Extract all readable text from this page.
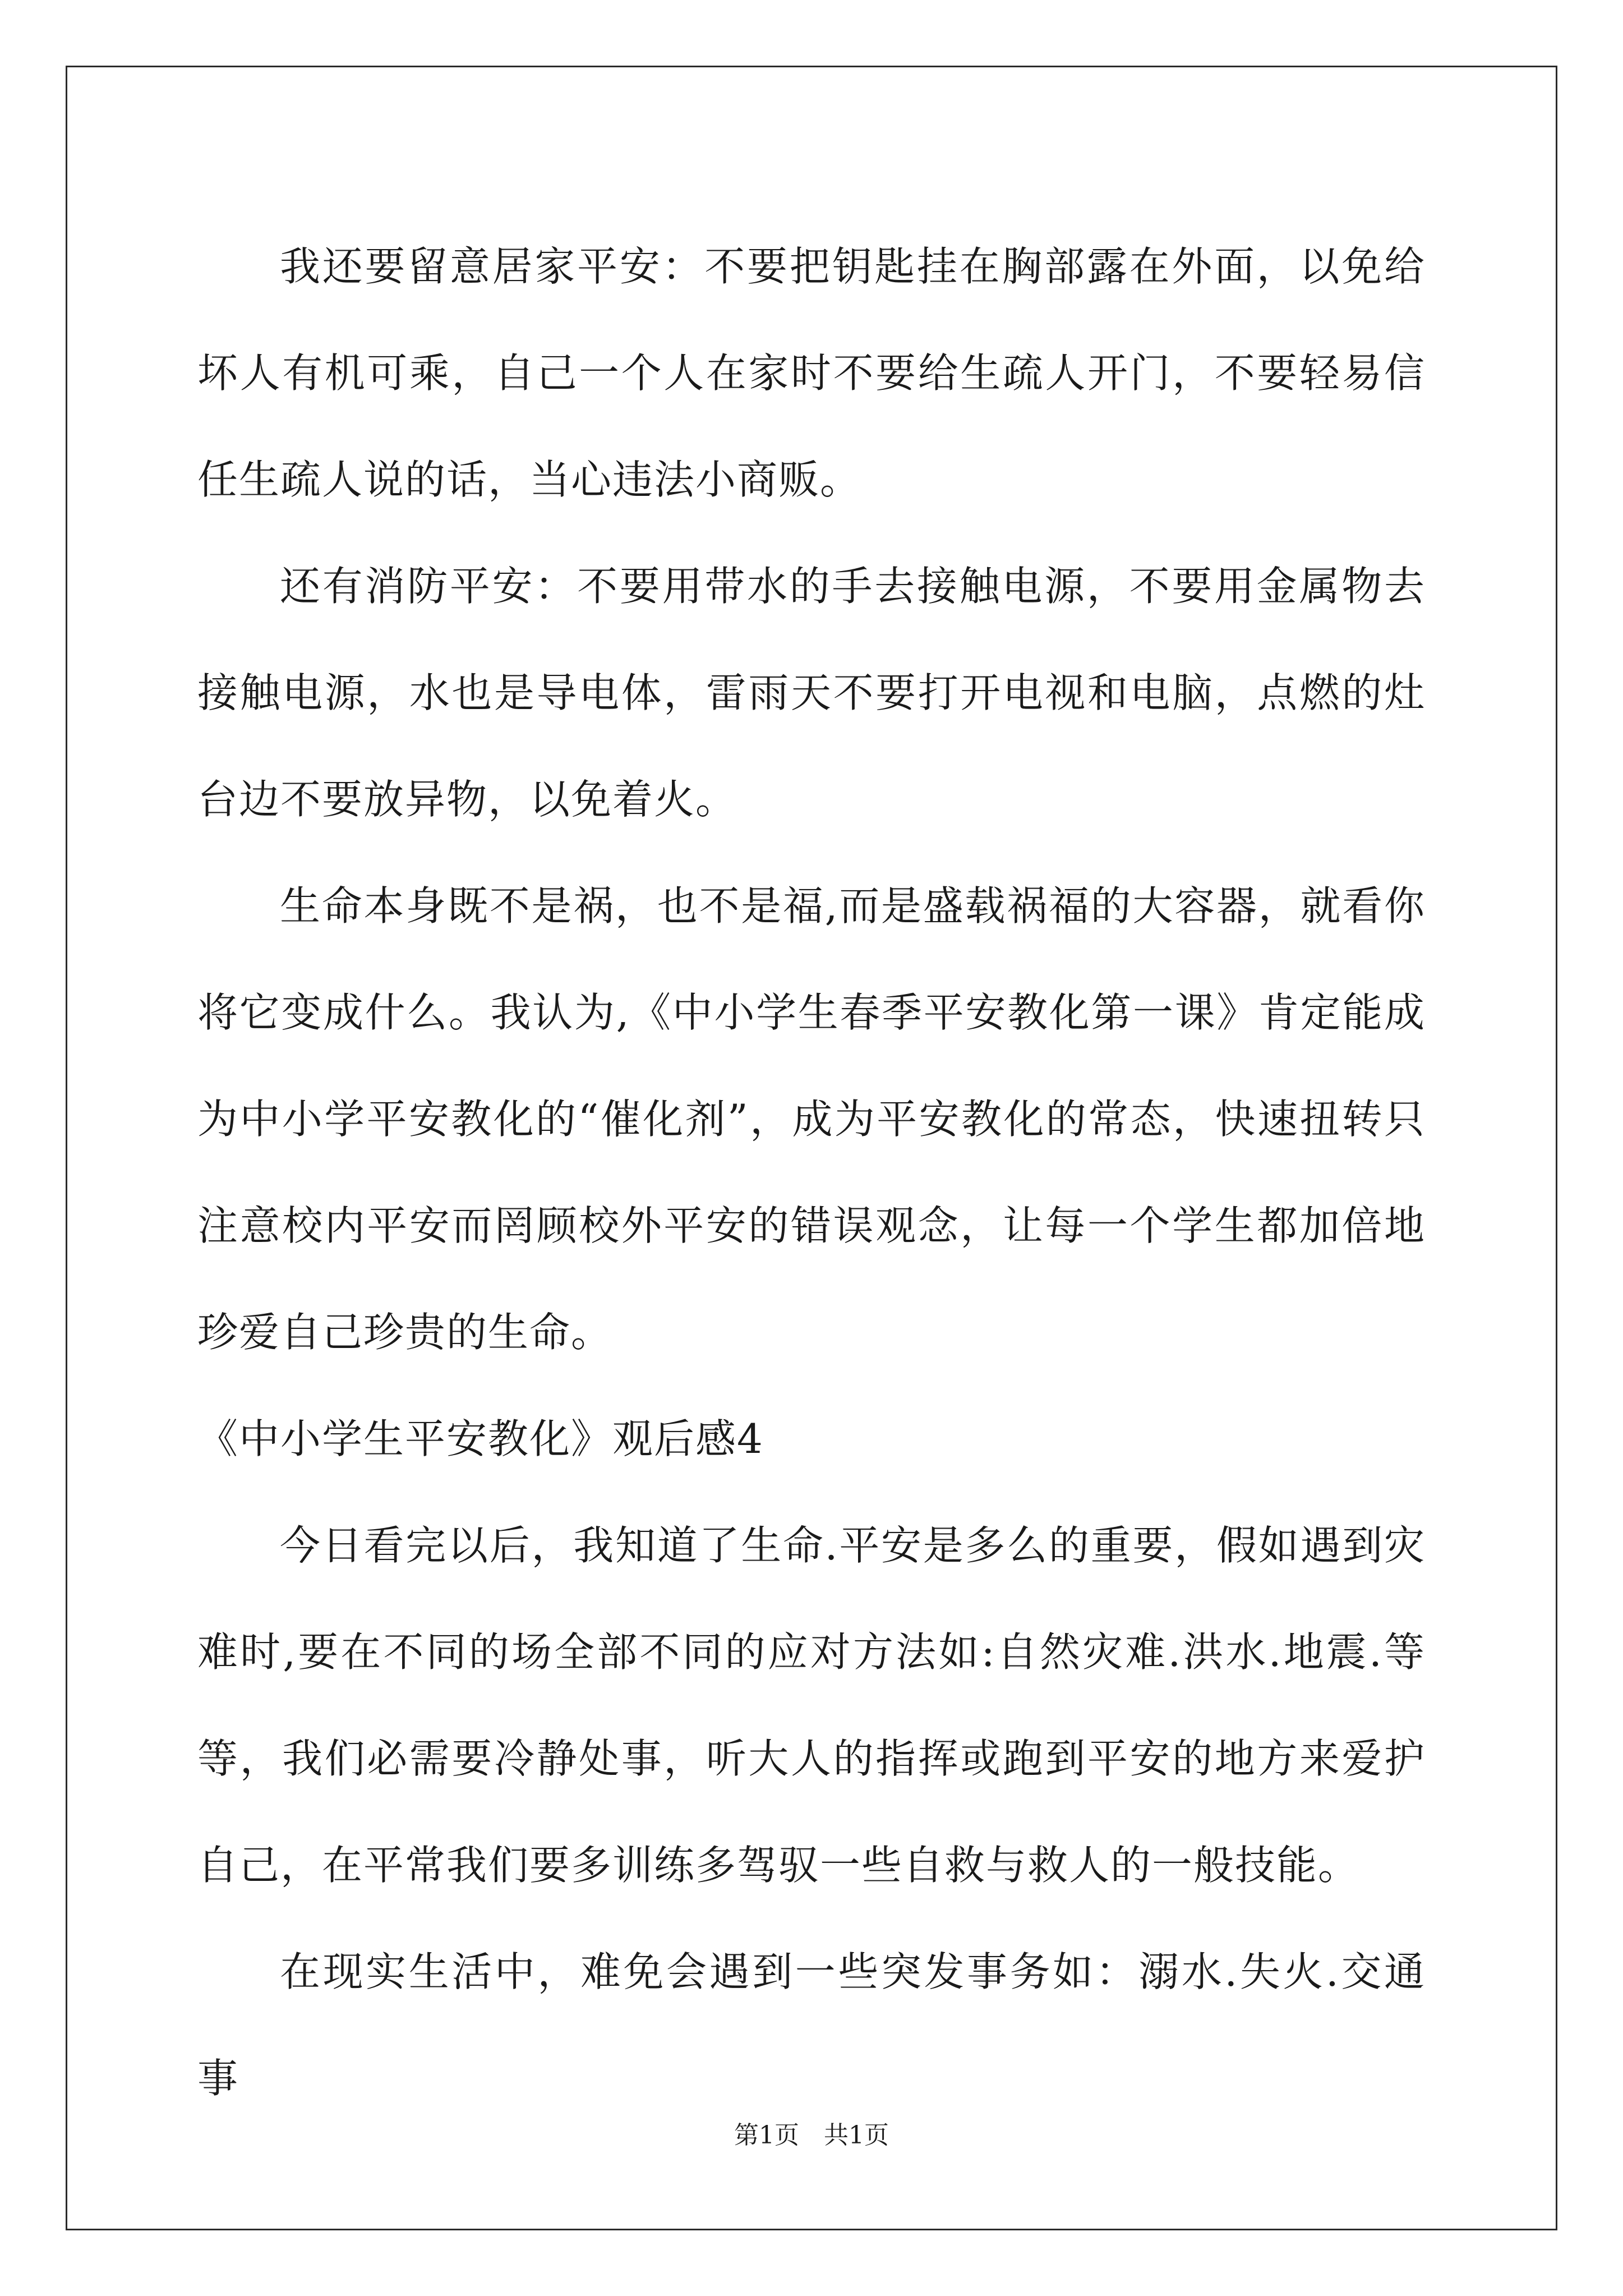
我还要留意居家平安：不要把钥匙挂在胸部露在外面，以免给坏人有机可乘，自己一个人在家时不要给生疏人开门，不要轻易信任生疏人说的话，当心违法小商贩。

还有消防平安：不要用带水的手去接触电源，不要用金属物去接触电源，水也是导电体，雷雨天不要打开电视和电脑，点燃的灶台边不要放异物，以免着火。

生命本身既不是祸，也不是福,而是盛载祸福的大容器，就看你将它变成什么。我认为,《中小学生春季平安教化第一课》肯定能成为中小学平安教化的“催化剂”，成为平安教化的常态，快速扭转只注意校内平安而罔顾校外平安的错误观念，让每一个学生都加倍地珍爱自己珍贵的生命。

《中小学生平安教化》观后感4

今日看完以后，我知道了生命.平安是多么的重要，假如遇到灾难时,要在不同的场全部不同的应对方法如:自然灾难.洪水.地震.等等，我们必需要冷静处事，听大人的指挥或跑到平安的地方来爱护自己，在平常我们要多训练多驾驭一些自救与救人的一般技能。

在现实生活中，难免会遇到一些突发事务如：溺水.失火.交通事

第1页　共1页
